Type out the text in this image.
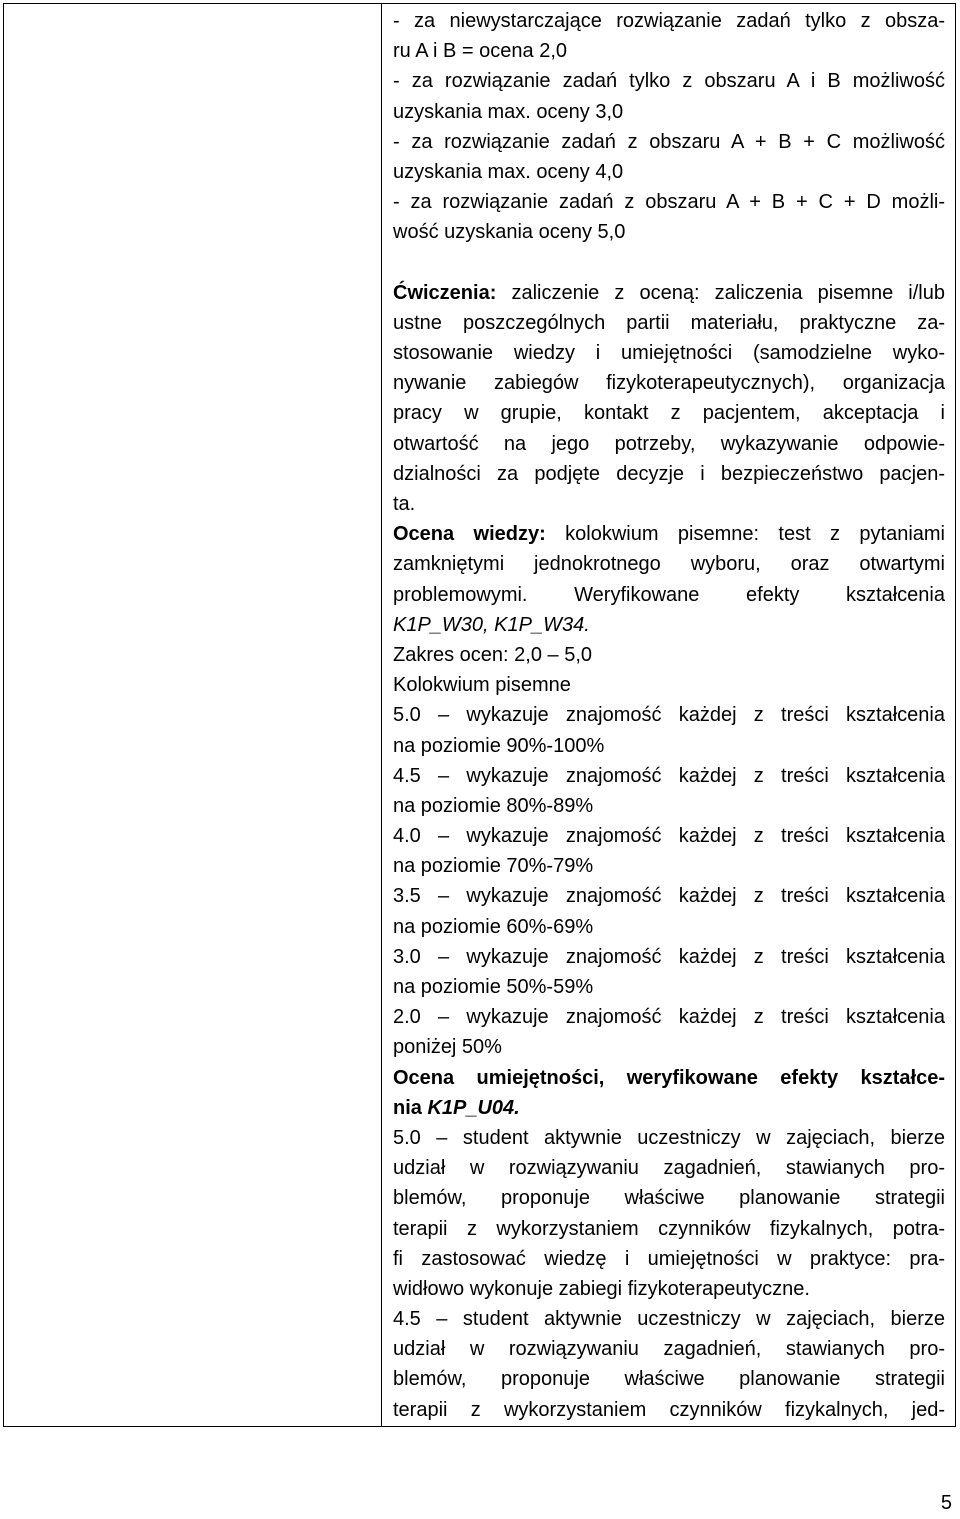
- za niewystarczające rozwiązanie zadań tylko z obsza-
ru A i B = ocena 2,0
- za rozwiązanie zadań tylko z obszaru A i B możliwość
uzyskania max. oceny 3,0
- za rozwiązanie zadań z obszaru A + B + C możliwość
uzyskania max. oceny 4,0
- za rozwiązanie zadań z obszaru A + B + C + D możli-
wość uzyskania oceny 5,0
Ćwiczenia: zaliczenie z oceną: zaliczenia pisemne i/lub
ustne poszczególnych partii materiału, praktyczne za-
stosowanie wiedzy i umiejętności (samodzielne wyko-
nywanie zabiegów fizykoterapeutycznych), organizacja
pracy w grupie, kontakt z pacjentem, akceptacja i
otwartość na jego potrzeby, wykazywanie odpowie-
dzialności za podjęte decyzje i bezpieczeństwo pacjen-
ta.
Ocena wiedzy: kolokwium pisemne: test z pytaniami
zamkniętymi jednokrotnego wyboru, oraz otwartymi
problemowymi. Weryfikowane efekty kształcenia
K1P_W30, K1P_W34.
Zakres ocen: 2,0 – 5,0
Kolokwium pisemne
5.0 – wykazuje znajomość każdej z treści kształcenia
na poziomie 90%-100%
4.5 – wykazuje znajomość każdej z treści kształcenia
na poziomie 80%-89%
4.0 – wykazuje znajomość każdej z treści kształcenia
na poziomie 70%-79%
3.5 – wykazuje znajomość każdej z treści kształcenia
na poziomie 60%-69%
3.0 – wykazuje znajomość każdej z treści kształcenia
na poziomie 50%-59%
2.0 – wykazuje znajomość każdej z treści kształcenia
poniżej 50%
Ocena umiejętności, weryfikowane efekty kształce-
nia K1P_U04.
5.0 – student aktywnie uczestniczy w zajęciach, bierze
udział w rozwiązywaniu zagadnień, stawianych pro-
blemów, proponuje właściwe planowanie strategii
terapii z wykorzystaniem czynników fizykalnych, potra-
fi zastosować wiedzę i umiejętności w praktyce: pra-
widłowo wykonuje zabiegi fizykoterapeutyczne.
4.5 – student aktywnie uczestniczy w zajęciach, bierze
udział w rozwiązywaniu zagadnień, stawianych pro-
blemów, proponuje właściwe planowanie strategii
terapii z wykorzystaniem czynników fizykalnych, jed-
5
